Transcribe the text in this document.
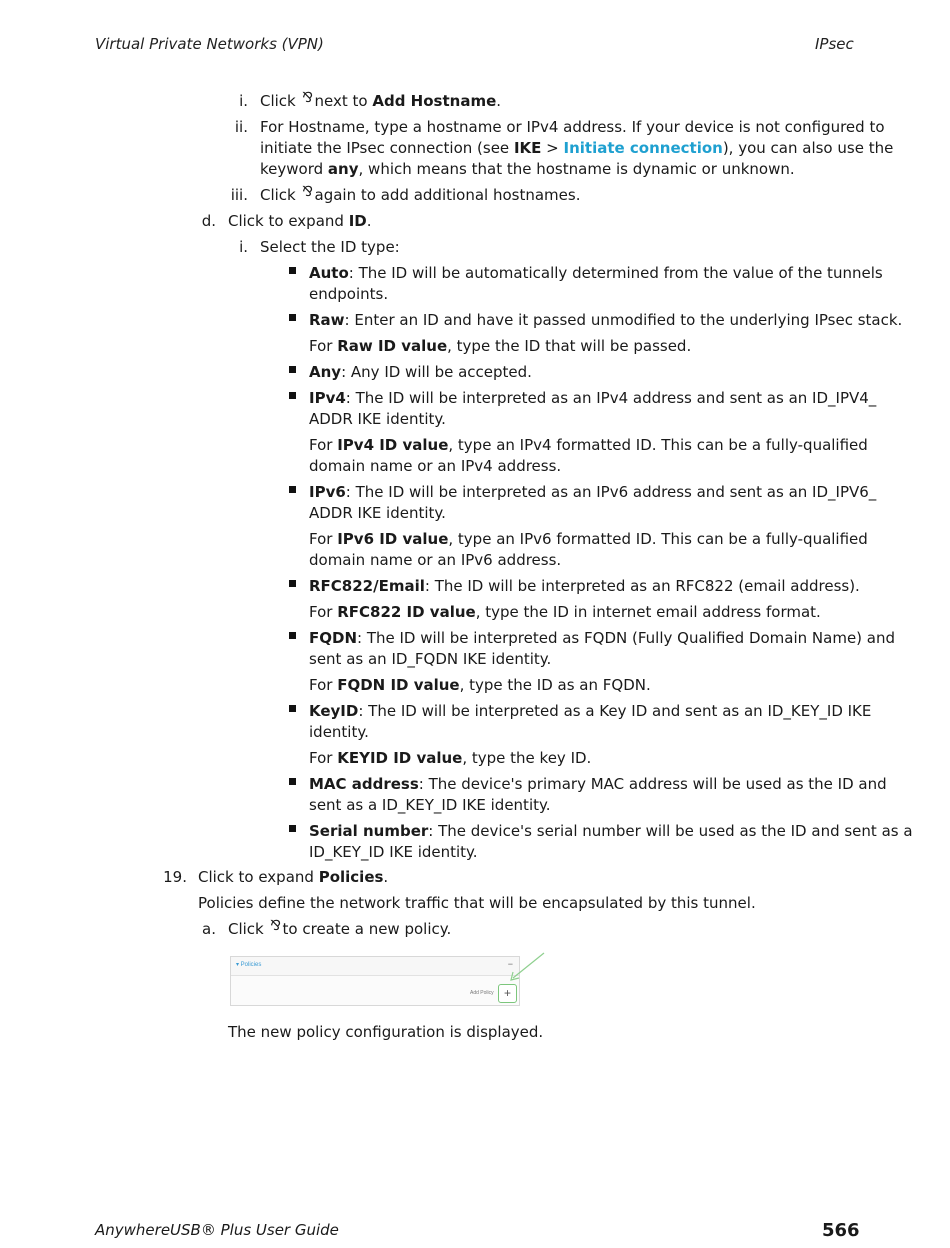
Virtual Private Networks (VPN)	IPsec
i. Click ⅋ next to Add Hostname.
ii. For Hostname, type a hostname or IPv4 address. If your device is not configured to
initiate the IPsec connection (see IKE > Initiate connection), you can also use the
keyword any, which means that the hostname is dynamic or unknown.
iii. Click ⅋ again to add additional hostnames.
d. Click to expand ID.
i. Select the ID type:
Auto: The ID will be automatically determined from the value of the tunnels
endpoints.
Raw: Enter an ID and have it passed unmodified to the underlying IPsec stack.
For Raw ID value, type the ID that will be passed.
Any: Any ID will be accepted.
IPv4: The ID will be interpreted as an IPv4 address and sent as an ID_IPV4_
ADDR IKE identity.
For IPv4 ID value, type an IPv4 formatted ID. This can be a fully-qualified
domain name or an IPv4 address.
IPv6: The ID will be interpreted as an IPv6 address and sent as an ID_IPV6_
ADDR IKE identity.
For IPv6 ID value, type an IPv6 formatted ID. This can be a fully-qualified
domain name or an IPv6 address.
RFC822/Email: The ID will be interpreted as an RFC822 (email address).
For RFC822 ID value, type the ID in internet email address format.
FQDN: The ID will be interpreted as FQDN (Fully Qualified Domain Name) and
sent as an ID_FQDN IKE identity.
For FQDN ID value, type the ID as an FQDN.
KeyID: The ID will be interpreted as a Key ID and sent as an ID_KEY_ID IKE
identity.
For KEYID ID value, type the key ID.
MAC address: The device's primary MAC address will be used as the ID and
sent as a ID_KEY_ID IKE identity.
Serial number: The device's serial number will be used as the ID and sent as a
ID_KEY_ID IKE identity.
19. Click to expand Policies.
Policies define the network traffic that will be encapsulated by this tunnel.
a. Click ⅋ to create a new policy.
▾ Policies	−
Add Policy +
The new policy configuration is displayed.
AnywhereUSB® Plus User Guide	566
